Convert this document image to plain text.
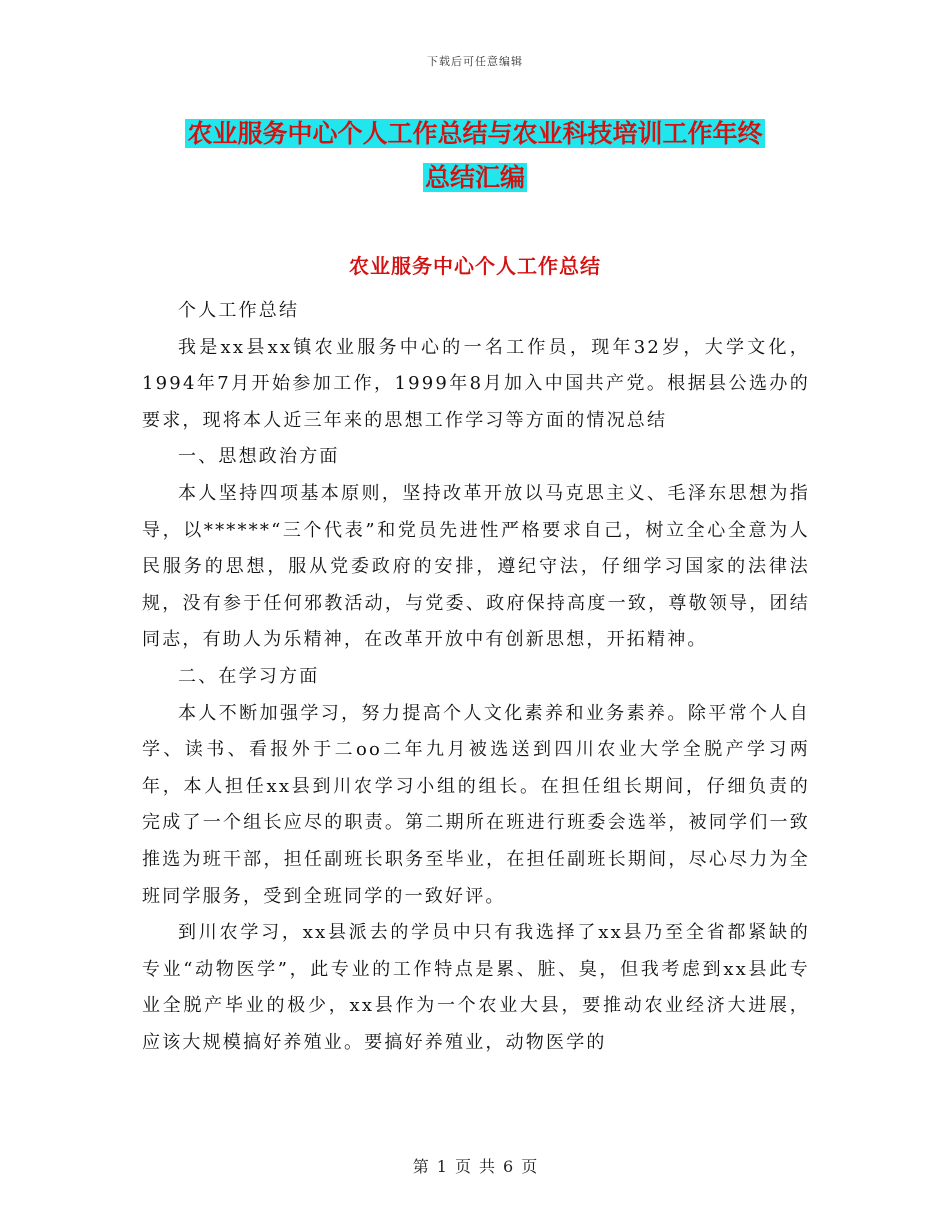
下载后可任意编辑
农业服务中心个人工作总结与农业科技培训工作年终
总结汇编
农业服务中心个人工作总结

个人工作总结

我是xx县xx镇农业服务中心的一名工作员，现年32岁，大学文化，1994年7月开始参加工作，1999年8月加入中国共产党。根据县公选办的要求，现将本人近三年来的思想工作学习等方面的情况总结

一、思想政治方面

本人坚持四项基本原则，坚持改革开放以马克思主义、毛泽东思想为指导，以******“三个代表”和党员先进性严格要求自己，树立全心全意为人民服务的思想，服从党委政府的安排，遵纪守法，仔细学习国家的法律法规，没有参于任何邪教活动，与党委、政府保持高度一致，尊敬领导，团结同志，有助人为乐精神，在改革开放中有创新思想，开拓精神。

二、在学习方面

本人不断加强学习，努力提高个人文化素养和业务素养。除平常个人自学、读书、看报外于二oo二年九月被选送到四川农业大学全脱产学习两年，本人担任xx县到川农学习小组的组长。在担任组长期间，仔细负责的完成了一个组长应尽的职责。第二期所在班进行班委会选举，被同学们一致推选为班干部，担任副班长职务至毕业，在担任副班长期间，尽心尽力为全班同学服务，受到全班同学的一致好评。

到川农学习，xx县派去的学员中只有我选择了xx县乃至全省都紧缺的专业“动物医学”，此专业的工作特点是累、脏、臭，但我考虑到xx县此专业全脱产毕业的极少，xx县作为一个农业大县，要推动农业经济大进展，应该大规模搞好养殖业。要搞好养殖业，动物医学的

第 1 页 共 6 页
